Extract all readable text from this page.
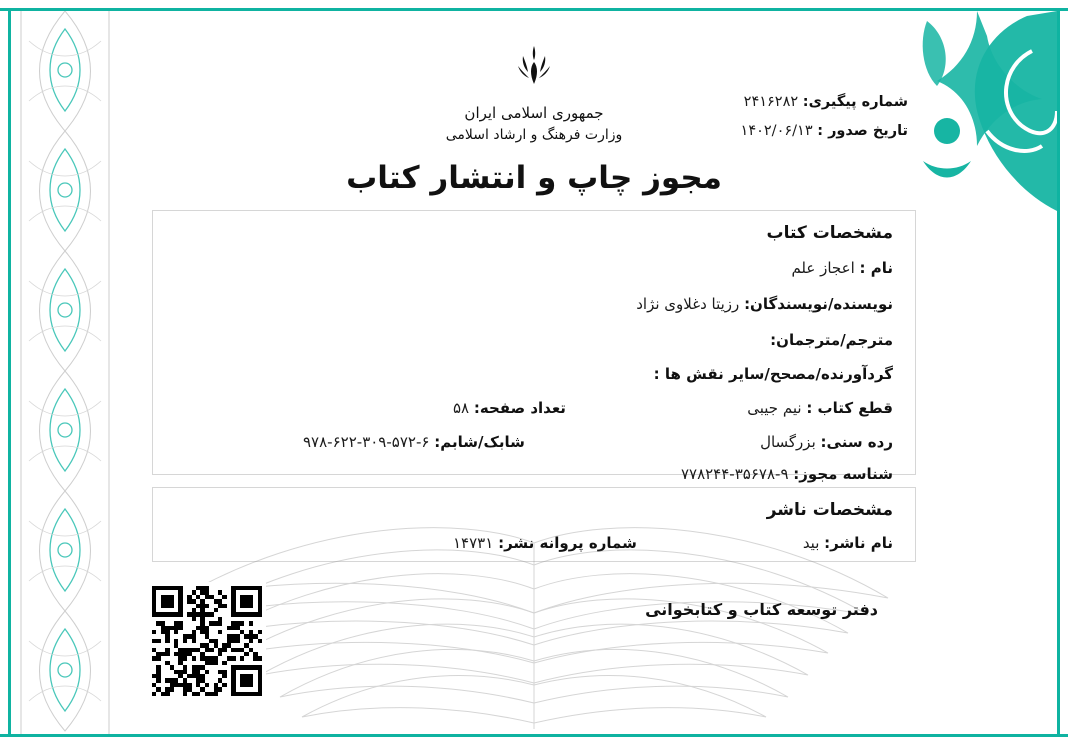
شماره پیگیری: ۲۴۱۶۲۸۲
تاریخ صدور : ۱۴۰۲/۰۶/۱۳
جمهوری اسلامی ایران
وزارت فرهنگ و ارشاد اسلامی
مجوز چاپ و انتشار کتاب
مشخصات کتاب
نام : اعجاز علم
نویسنده/نویسندگان: رزیتا دغلاوی نژاد
مترجم/مترجمان:
گردآورنده/مصحح/سایر نقش ها :
قطع کتاب : نیم جیبی
رده سنی: بزرگسال
شناسه مجوز: ۹-۳۵۶۷۸-۷۷۸۲۴۴
تعداد صفحه: ۵۸
شابک/شابم: ۶-۵۷۲-۳۰۹-۶۲۲-۹۷۸
مشخصات ناشر
نام ناشر: بید
شماره پروانه نشر: ۱۴۷۳۱
دفتر توسعه کتاب و کتابخوانی
